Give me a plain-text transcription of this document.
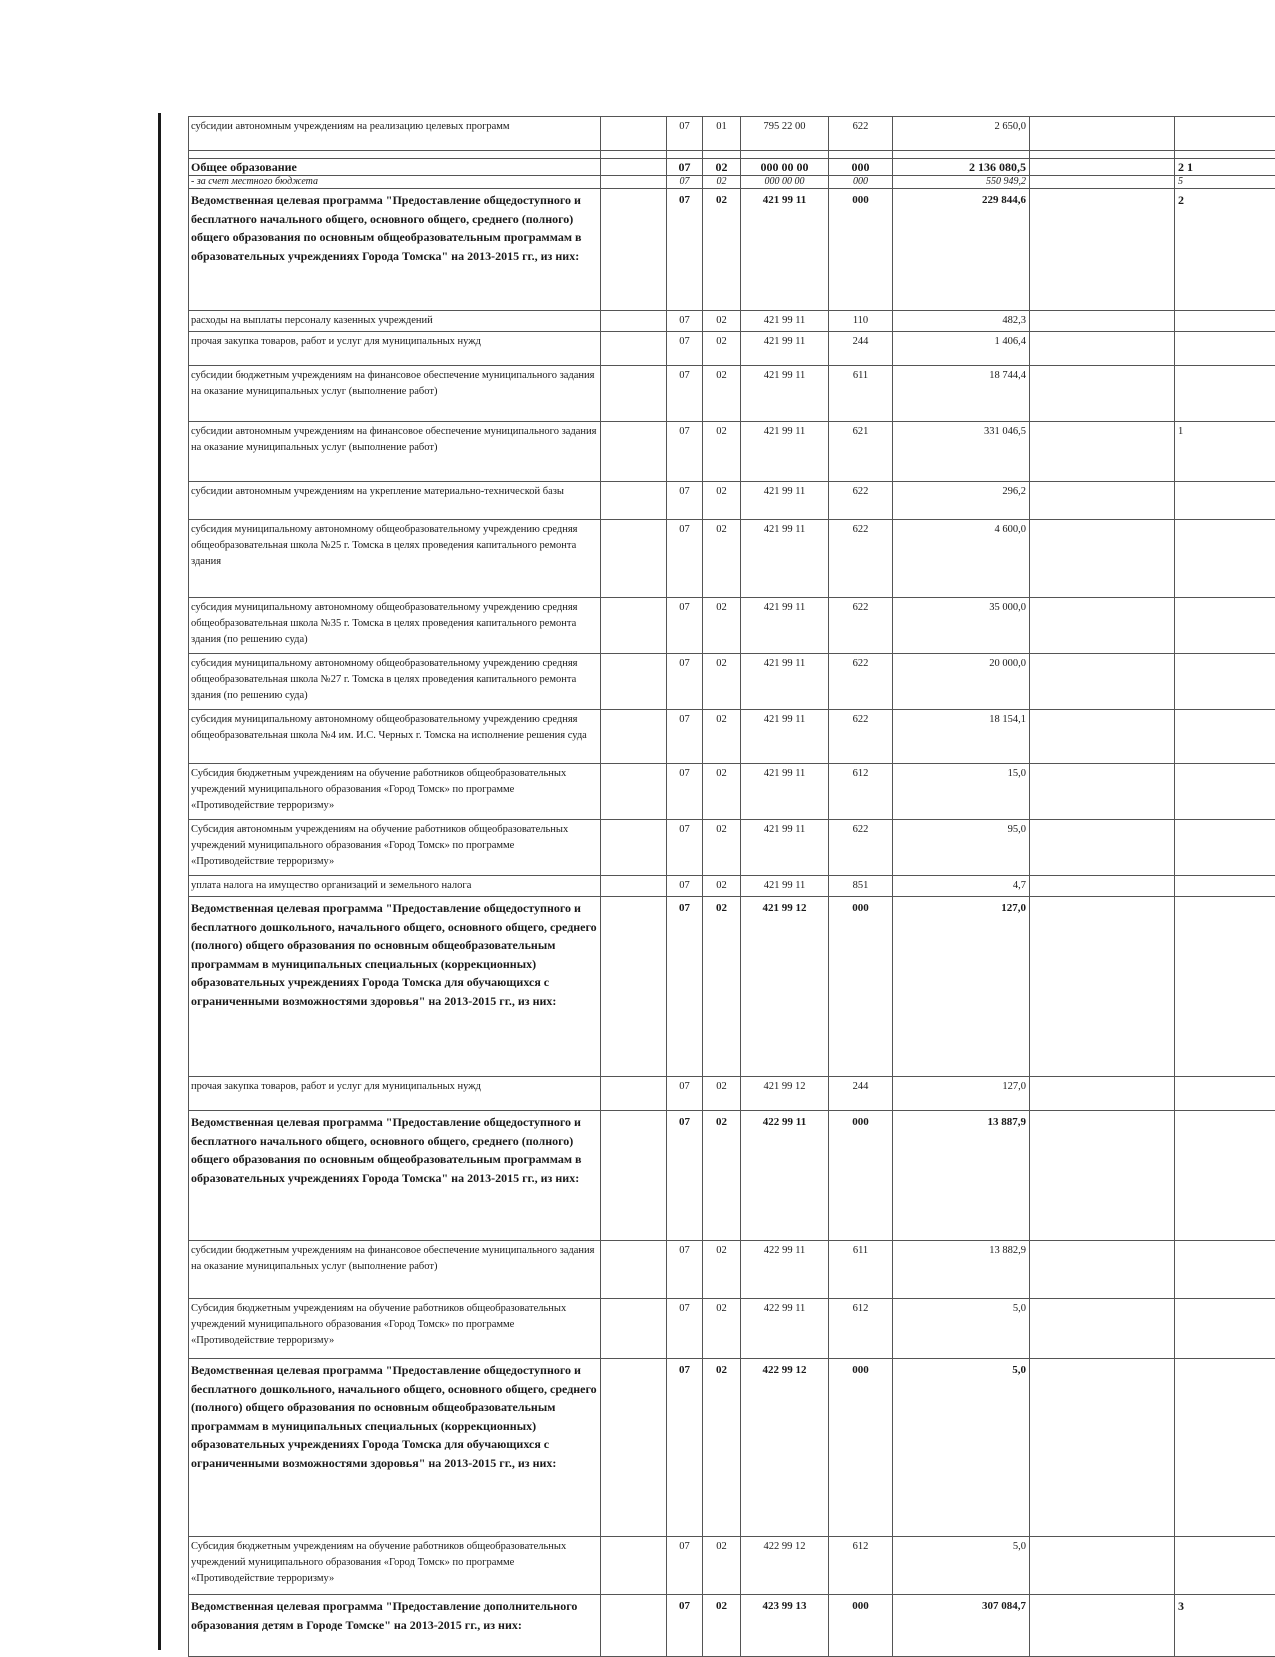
субсидии автономным учреждениям на реализацию целевых программ		07	01	795 22 00	622	2 650,0		

Общее образование		07	02	000 00 00	000	2 136 080,5		2 1
- за счет местного бюджета		07	02	000 00 00	000	550 949,2		5
Ведомственная целевая программа "Предоставление общедоступного и бесплатного начального общего, основного общего, среднего (полного) общего образования по основным общеобразовательным программам в образовательных учреждениях Города Томска" на 2013-2015 гг., из них:		07	02	421 99 11	000	229 844,6		2
расходы на выплаты персоналу казенных учреждений		07	02	421 99 11	110	482,3		
прочая закупка товаров, работ и услуг для муниципальных нужд		07	02	421 99 11	244	1 406,4		
субсидии бюджетным учреждениям на финансовое обеспечение муниципального задания на оказание муниципальных услуг (выполнение работ)		07	02	421 99 11	611	18 744,4		
субсидии автономным учреждениям на финансовое обеспечение муниципального задания на оказание муниципальных услуг (выполнение работ)		07	02	421 99 11	621	331 046,5		1
субсидии автономным учреждениям на укрепление материально-технической базы		07	02	421 99 11	622	296,2		
субсидия муниципальному автономному общеобразовательному учреждению средняя общеобразовательная школа №25 г. Томска в целях проведения капитального ремонта здания		07	02	421 99 11	622	4 600,0		
субсидия муниципальному автономному общеобразовательному учреждению средняя общеобразовательная школа №35 г. Томска в целях проведения капитального ремонта здания (по решению суда)		07	02	421 99 11	622	35 000,0		
субсидия муниципальному автономному общеобразовательному учреждению средняя общеобразовательная школа №27 г. Томска в целях проведения капитального ремонта здания (по решению суда)		07	02	421 99 11	622	20 000,0		
субсидия муниципальному автономному общеобразовательному учреждению средняя общеобразовательная школа №4 им. И.С. Черных г. Томска на исполнение решения суда		07	02	421 99 11	622	18 154,1		
Субсидия бюджетным учреждениям на обучение работников общеобразовательных учреждений муниципального образования «Город Томск» по программе «Противодействие терроризму»		07	02	421 99 11	612	15,0		
Субсидия автономным учреждениям на обучение работников общеобразовательных учреждений муниципального образования «Город Томск» по программе «Противодействие терроризму»		07	02	421 99 11	622	95,0		
уплата налога на имущество организаций и земельного налога		07	02	421 99 11	851	4,7		
Ведомственная целевая программа "Предоставление общедоступного и бесплатного дошкольного, начального общего, основного общего, среднего (полного) общего образования по основным общеобразовательным программам в муниципальных специальных (коррекционных) образовательных учреждениях Города Томска для обучающихся с ограниченными возможностями здоровья" на 2013-2015 гг., из них:		07	02	421 99 12	000	127,0		
прочая закупка товаров, работ и услуг для муниципальных нужд		07	02	421 99 12	244	127,0		
Ведомственная целевая программа "Предоставление общедоступного и бесплатного начального общего, основного общего, среднего (полного) общего образования по основным общеобразовательным программам в образовательных учреждениях Города Томска" на 2013-2015 гг., из них:		07	02	422 99 11	000	13 887,9		
субсидии бюджетным учреждениям на финансовое обеспечение муниципального задания на оказание муниципальных услуг (выполнение работ)		07	02	422 99 11	611	13 882,9		
Субсидия бюджетным учреждениям на обучение работников общеобразовательных учреждений муниципального образования «Город Томск» по программе «Противодействие терроризму»		07	02	422 99 11	612	5,0		
Ведомственная целевая программа "Предоставление общедоступного и бесплатного дошкольного, начального общего, основного общего, среднего (полного) общего образования по основным общеобразовательным программам в муниципальных специальных (коррекционных) образовательных учреждениях Города Томска для обучающихся с ограниченными возможностями здоровья" на 2013-2015 гг., из них:		07	02	422 99 12	000	5,0		
Субсидия бюджетным учреждениям на обучение работников общеобразовательных учреждений муниципального образования «Город Томск» по программе «Противодействие терроризму»		07	02	422 99 12	612	5,0		
Ведомственная целевая программа "Предоставление дополнительного образования детям в Городе Томске" на 2013-2015 гг., из них:		07	02	423 99 13	000	307 084,7		3
